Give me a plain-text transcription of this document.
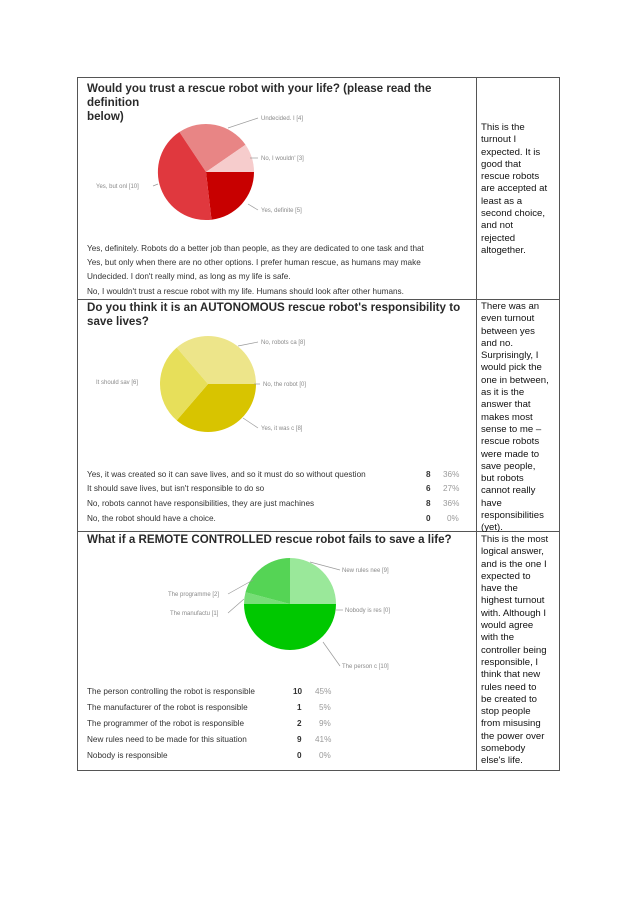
Would you trust a rescue robot with your life? (please read the definition
below)	Undecided. I [4]
No, I wouldn' [3]
Yes, definite [5]
Yes, but onl [10]
Yes, definitely. Robots do a better job than people, as they are dedicated to one task and that
Yes, but only when there are no other options. I prefer human rescue, as humans may make
Undecided. I don't really mind, as long as my life is safe.
No, I wouldn't trust a rescue robot with my life. Humans should look after other humans.
This is the
turnout I
expected. It is
good that
rescue robots
are accepted at
least as a
second choice,
and not
rejected
altogether.
Do you think it is an AUTONOMOUS rescue robot's responsibility to
save lives?
No, robots ca [8]
No, the robot [0]
Yes, it was c [8]
It should sav [6]
Yes, it was created so it can save lives, and so it must do so without question	8 36%
It should save lives, but isn't responsible to do so	6 27%
No, robots cannot have responsibilities, they are just machines	8 36%
No, the robot should have a choice.	0 0%
There was an
even turnout
between yes
and no.
Surprisingly, I
would pick the
one in between,
as it is the
answer that
makes most
sense to me –
rescue robots
were made to
save people,
but robots
cannot really
have
responsibilities
(yet).
What if a REMOTE CONTROLLED rescue robot fails to save a life?
New rules nee [9]
Nobody is res [0]
The person c [10]
The manufactu [1]
The programme [2]
The person controlling the robot is responsible	10 45%
The manufacturer of the robot is responsible	1 5%
The programmer of the robot is responsible	2 9%
New rules need to be made for this situation	9 41%
Nobody is responsible	0 0%
This is the most
logical answer,
and is the one I
expected to
have the
highest turnout
with. Although I
would agree
with the
controller being
responsible, I
think that new
rules need to
be created to
stop people
from misusing
the power over
somebody
else's life.
